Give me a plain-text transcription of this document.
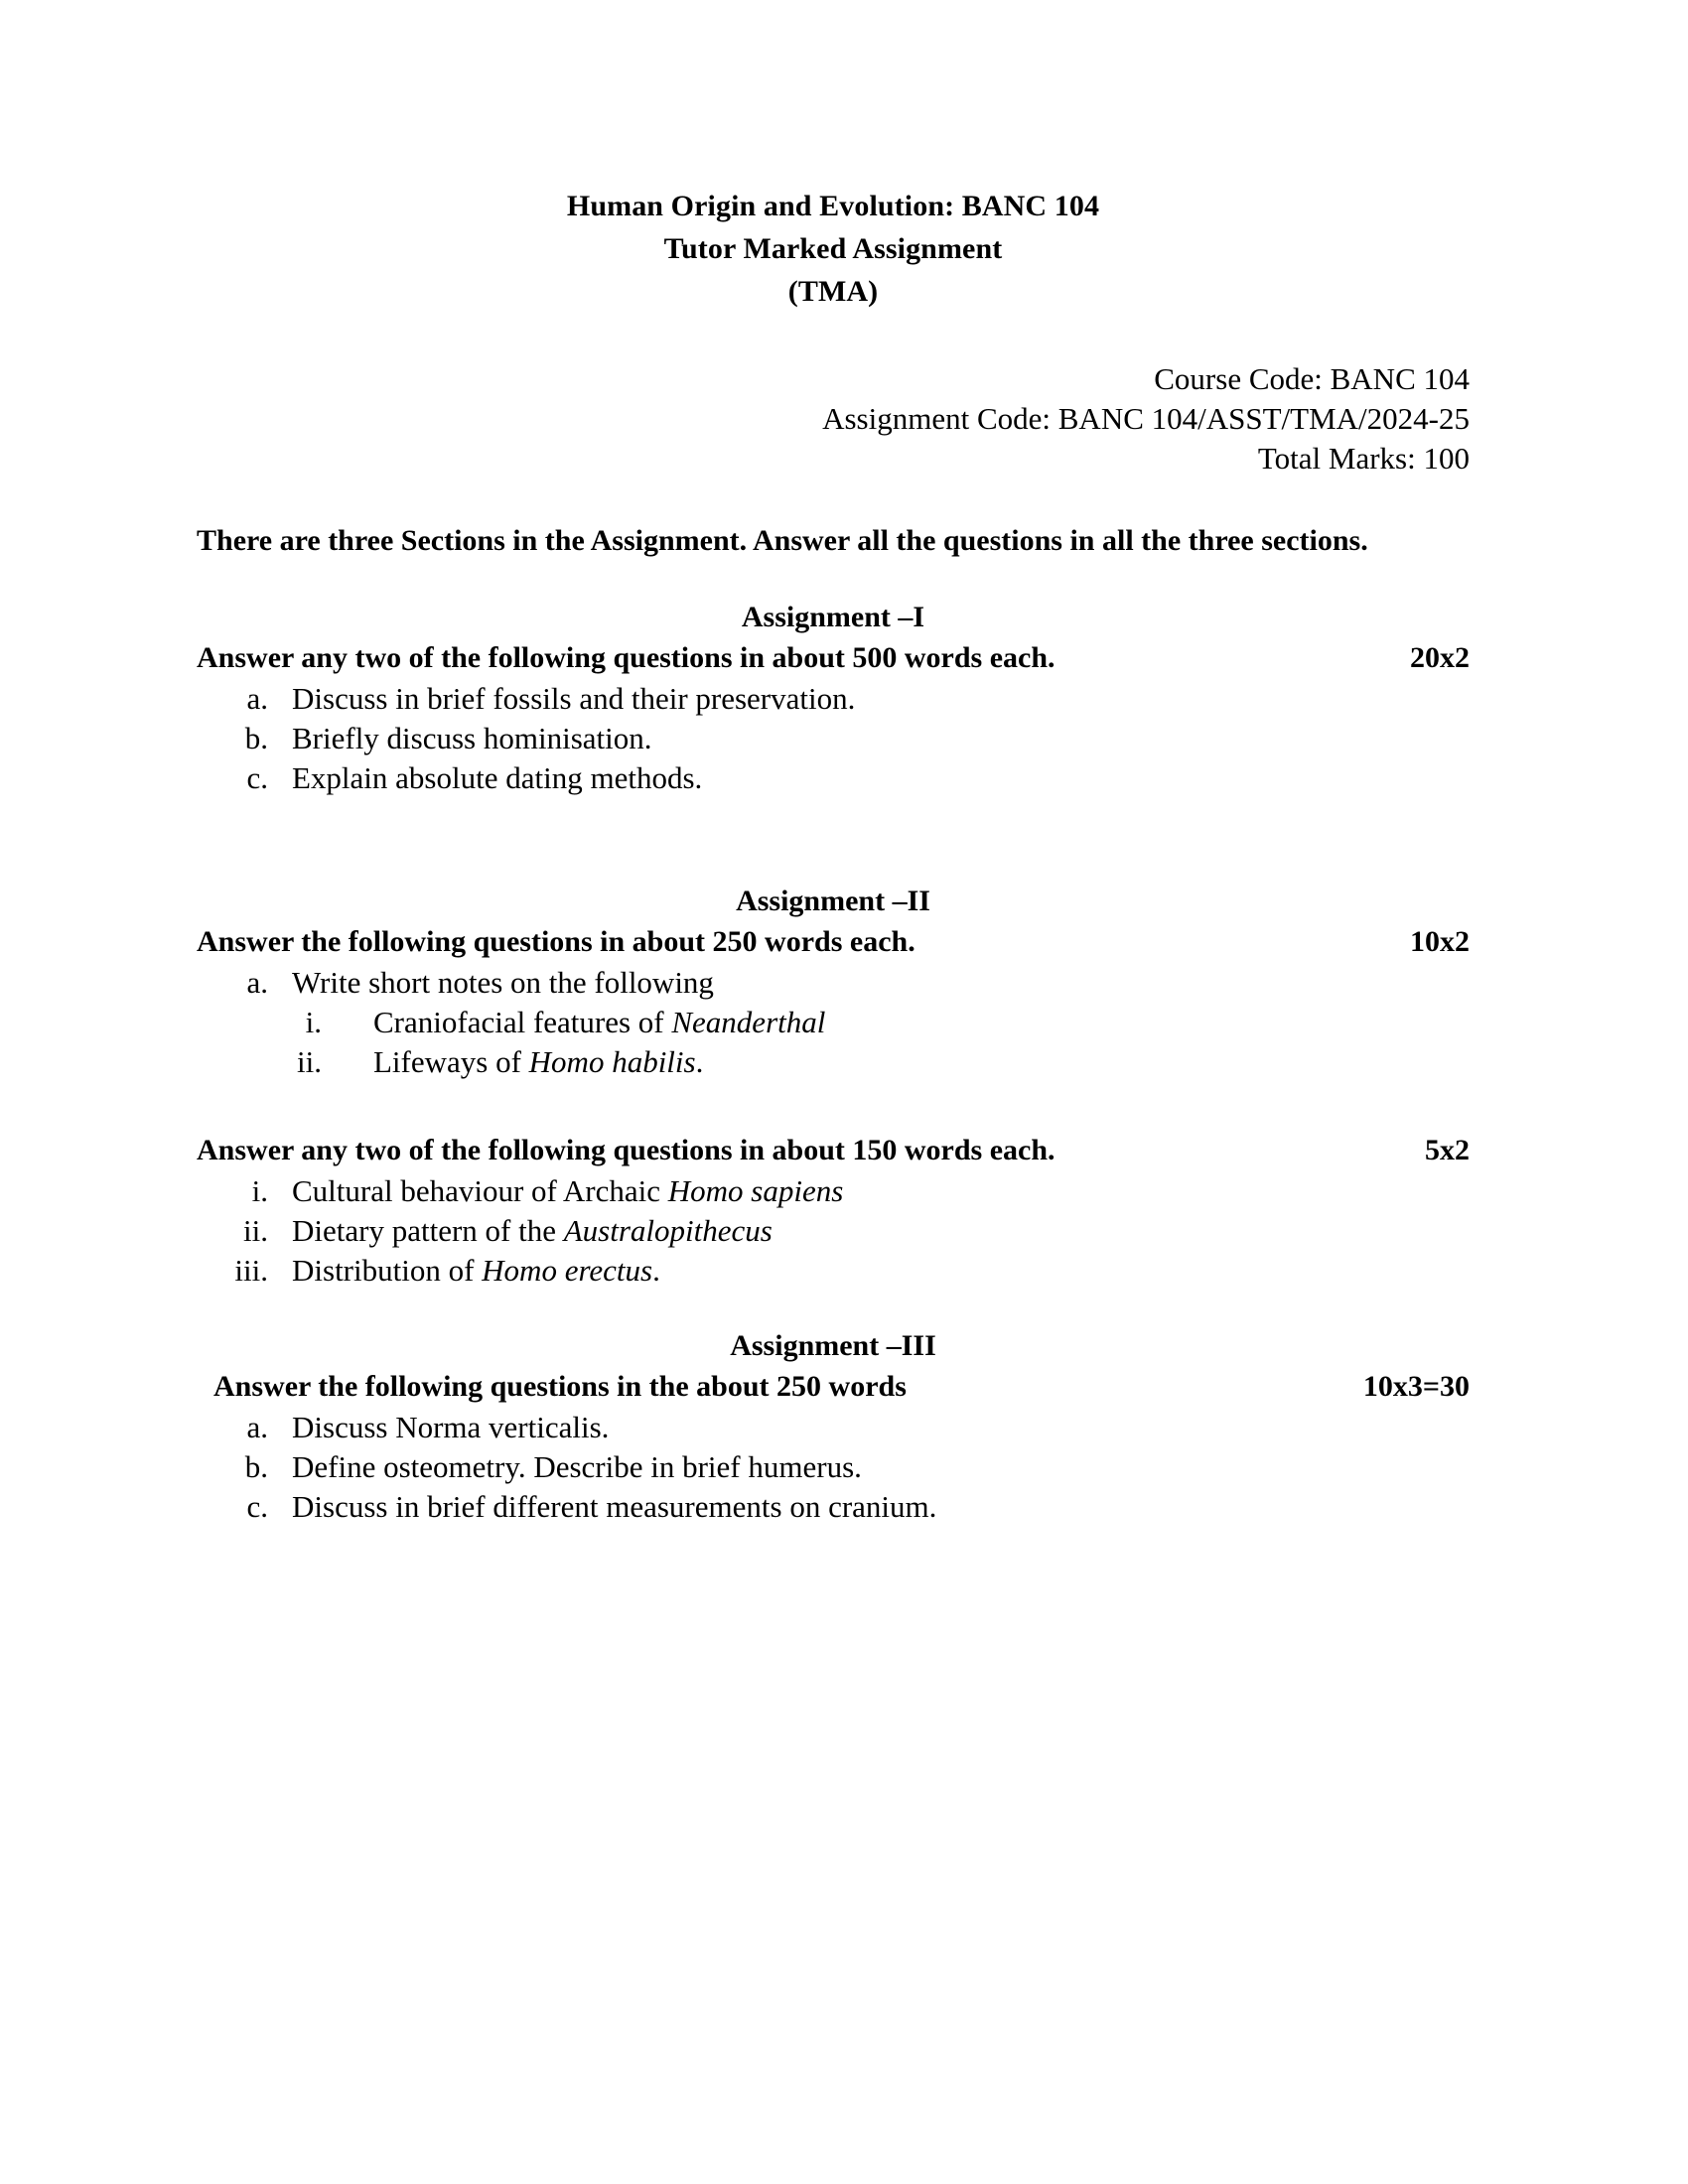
Human Origin and Evolution: BANC 104
Tutor Marked Assignment
(TMA)
Course Code: BANC 104
Assignment Code: BANC 104/ASST/TMA/2024-25
Total Marks: 100

There are three Sections in the Assignment. Answer all the questions in all the three sections.

Assignment –I
Answer any two of the following questions in about 500 words each.	20x2
a. Discuss in brief fossils and their preservation.
b. Briefly discuss hominisation.
c. Explain absolute dating methods.
Assignment –II
Answer the following questions in about 250 words each.	10x2
a. Write short notes on the following
i. Craniofacial features of Neanderthal
ii. Lifeways of Homo habilis.
Answer any two of the following questions in about 150 words each.	5x2
i. Cultural behaviour of Archaic Homo sapiens
ii. Dietary pattern of the Australopithecus
iii. Distribution of Homo erectus.
Assignment –III
Answer the following questions in the about 250 words	10x3=30
a. Discuss Norma verticalis.
b. Define osteometry. Describe in brief humerus.
c. Discuss in brief different measurements on cranium.
